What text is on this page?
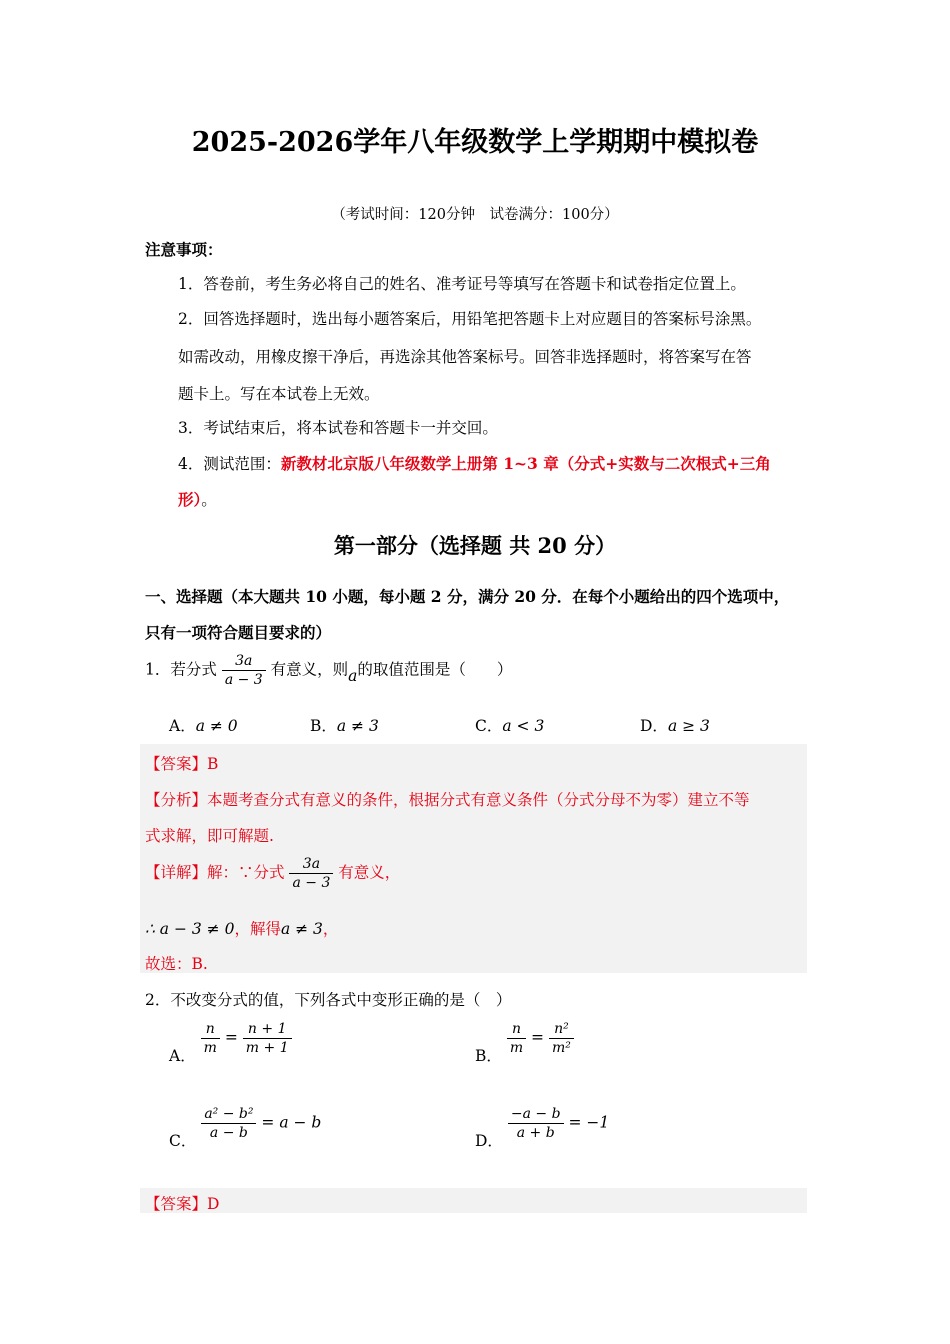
2025-2026学年八年级数学上学期期中模拟卷
（考试时间：120分钟　试卷满分：100分）
注意事项：
1．答卷前，考生务必将自己的姓名、准考证号等填写在答题卡和试卷指定位置上。
2．回答选择题时，选出每小题答案后，用铅笔把答题卡上对应题目的答案标号涂黑。
如需改动，用橡皮擦干净后，再选涂其他答案标号。回答非选择题时，将答案写在答
题卡上。写在本试卷上无效。
3．考试结束后，将本试卷和答题卡一并交回。
4．测试范围：新教材北京版八年级数学上册第 1~3 章（分式+实数与二次根式+三角
形）。
第一部分（选择题 共 20 分）
一、选择题（本大题共 10 小题，每小题 2 分，满分 20 分．在每个小题给出的四个选项中，
只有一项符合题目要求的）
1．若分式 $\frac{3a}{a - 3}$ 有意义，则a的取值范围是（　　）
A．a ≠ 0	B．a ≠ 3	C．a < 3	D．a ≥ 3
【答案】B
【分析】本题考查分式有意义的条件，根据分式有意义条件（分式分母不为零）建立不等
式求解，即可解题.
【详解】解：∵分式 $\frac{3a}{a - 3}$ 有意义，
∴ a − 3 ≠ 0，解得a ≠ 3，
故选：B.
2．不改变分式的值，下列各式中变形正确的是（　）
A． $\frac{n}{m} = \frac{n + 1}{m + 1}$	B． $\frac{n}{m} = \frac{\text{n²}}{\text{m²}}$
C． $\frac{\text{a² − b²}}{a - b} = a - b$
D． $\frac{-a - b}{a + b} = -1$
【答案】D
